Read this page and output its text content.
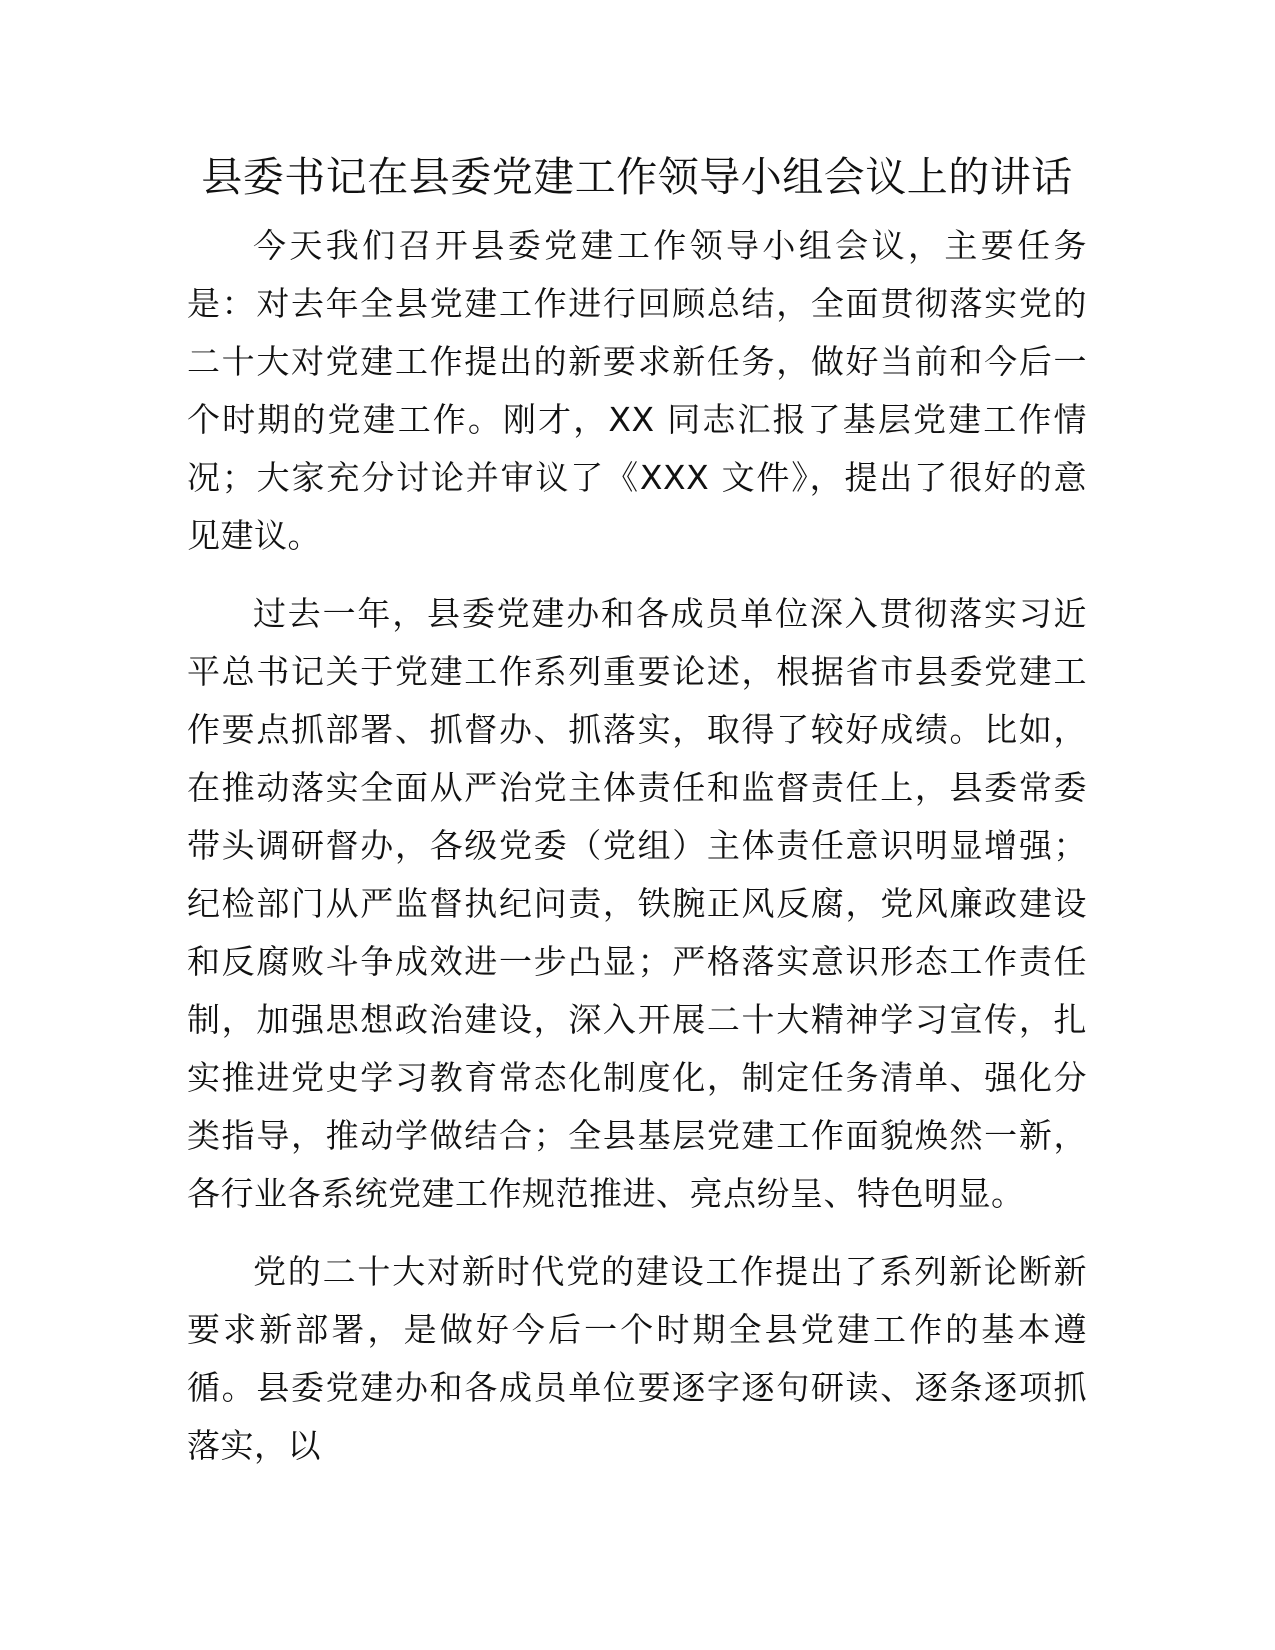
县委书记在县委党建工作领导小组会议上的讲话

今天我们召开县委党建工作领导小组会议，主要任务是：对去年全县党建工作进行回顾总结，全面贯彻落实党的二十大对党建工作提出的新要求新任务，做好当前和今后一个时期的党建工作。刚才，XX 同志汇报了基层党建工作情况；大家充分讨论并审议了《XXX 文件》，提出了很好的意见建议。

过去一年，县委党建办和各成员单位深入贯彻落实习近平总书记关于党建工作系列重要论述，根据省市县委党建工作要点抓部署、抓督办、抓落实，取得了较好成绩。比如，在推动落实全面从严治党主体责任和监督责任上，县委常委带头调研督办，各级党委（党组）主体责任意识明显增强；纪检部门从严监督执纪问责，铁腕正风反腐，党风廉政建设和反腐败斗争成效进一步凸显；严格落实意识形态工作责任制，加强思想政治建设，深入开展二十大精神学习宣传，扎实推进党史学习教育常态化制度化，制定任务清单、强化分类指导，推动学做结合；全县基层党建工作面貌焕然一新，各行业各系统党建工作规范推进、亮点纷呈、特色明显。

党的二十大对新时代党的建设工作提出了系列新论断新要求新部署，是做好今后一个时期全县党建工作的基本遵循。县委党建办和各成员单位要逐字逐句研读、逐条逐项抓落实，以
